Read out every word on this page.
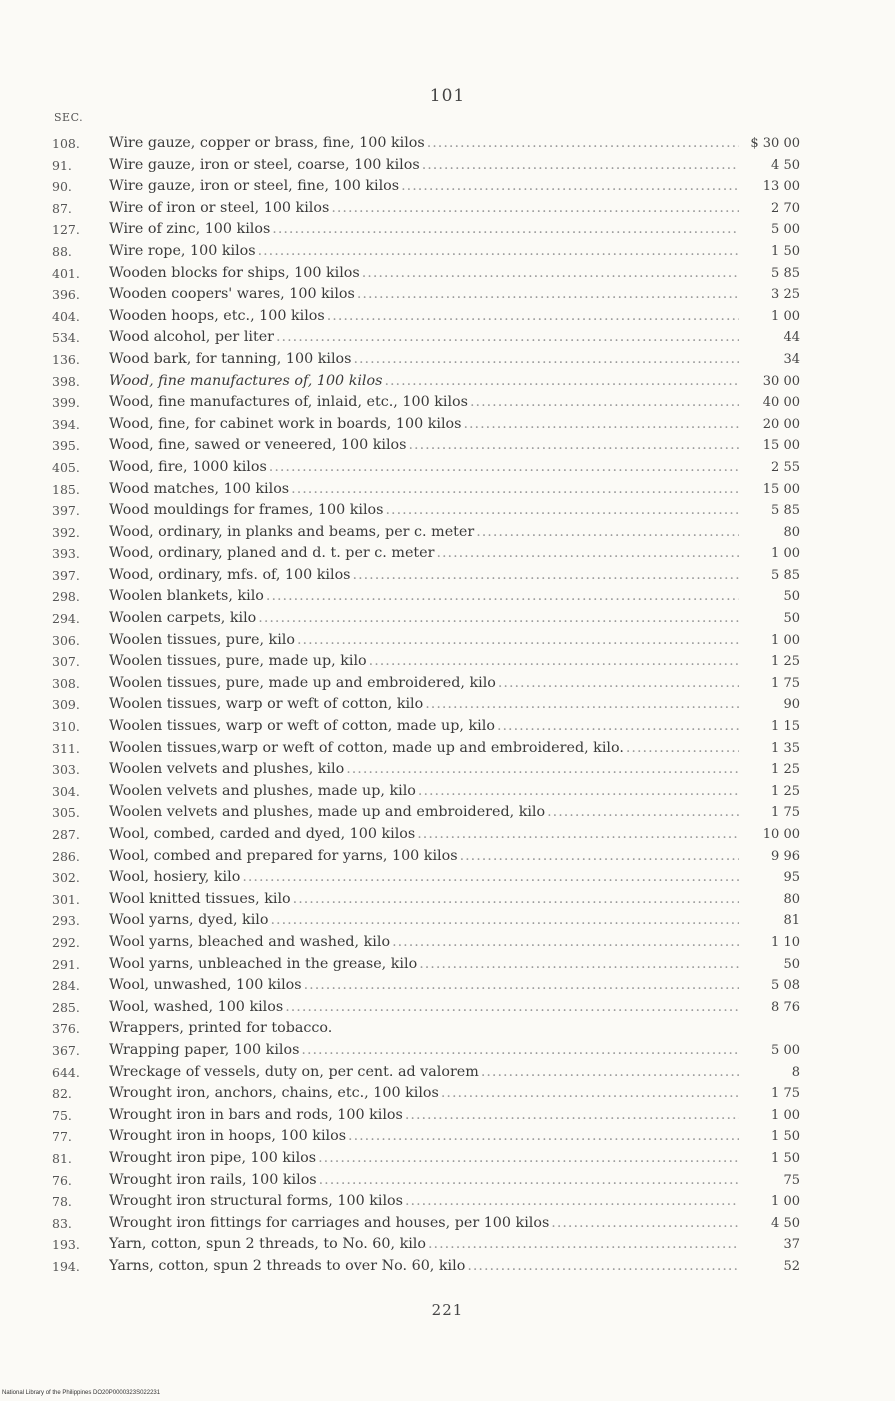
101
SEC.
108.	Wire gauze, copper or brass, fine, 100 kilos .....	$ 30 00
91.	Wire gauze, iron or steel, coarse, 100 kilos .....	4 50
90.	Wire gauze, iron or steel, fine, 100 kilos .....	13 00
87.	Wire of iron or steel, 100 kilos .....	2 70
127.	Wire of zinc, 100 kilos .....	5 00
88.	Wire rope, 100 kilos .....	1 50
401.	Wooden blocks for ships, 100 kilos .....	5 85
396.	Wooden coopers' wares, 100 kilos .....	3 25
404.	Wooden hoops, etc., 100 kilos .....	1 00
534.	Wood alcohol, per liter .....	44
136.	Wood bark, for tanning, 100 kilos .....	34
398.	Wood, fine manufactures of, 100 kilos .....	30 00
399.	Wood, fine manufactures of, inlaid, etc., 100 kilos .....	40 00
394.	Wood, fine, for cabinet work in boards, 100 kilos .....	20 00
395.	Wood, fine, sawed or veneered, 100 kilos .....	15 00
405.	Wood, fire, 1000 kilos .....	2 55
185.	Wood matches, 100 kilos .....	15 00
397.	Wood mouldings for frames, 100 kilos .....	5 85
392.	Wood, ordinary, in planks and beams, per c. meter .....	80
393.	Wood, ordinary, planed and d. t. per c. meter .....	1 00
397.	Wood, ordinary, mfs. of, 100 kilos .....	5 85
298.	Woolen blankets, kilo .....	50
294.	Woolen carpets, kilo .....	50
306.	Woolen tissues, pure, kilo .....	1 00
307.	Woolen tissues, pure, made up, kilo .....	1 25
308.	Woolen tissues, pure, made up and embroidered, kilo .....	1 75
309.	Woolen tissues, warp or weft of cotton, kilo .....	90
310.	Woolen tissues, warp or weft of cotton, made up, kilo .....	1 15
311.	Woolen tissues,warp or weft of cotton, made up and embroidered, kilo. .....	1 35
303.	Woolen velvets and plushes, kilo .....	1 25
304.	Woolen velvets and plushes, made up, kilo .....	1 25
305.	Woolen velvets and plushes, made up and embroidered, kilo .....	1 75
287.	Wool, combed, carded and dyed, 100 kilos .....	10 00
286.	Wool, combed and prepared for yarns, 100 kilos .....	9 96
302.	Wool, hosiery, kilo .....	95
301.	Wool knitted tissues, kilo .....	80
293.	Wool yarns, dyed, kilo .....	81
292.	Wool yarns, bleached and washed, kilo .....	1 10
291.	Wool yarns, unbleached in the grease, kilo .....	50
284.	Wool, unwashed, 100 kilos .....	5 08
285.	Wool, washed, 100 kilos .....	8 76
376.	Wrappers, printed for tobacco.
367.	Wrapping paper, 100 kilos .....	5 00
644.	Wreckage of vessels, duty on, per cent. ad valorem .....	8
82.	Wrought iron, anchors, chains, etc., 100 kilos .....	1 75
75.	Wrought iron in bars and rods, 100 kilos .....	1 00
77.	Wrought iron in hoops, 100 kilos .....	1 50
81.	Wrought iron pipe, 100 kilos .....	1 50
76.	Wrought iron rails, 100 kilos .....	75
78.	Wrought iron structural forms, 100 kilos .....	1 00
83.	Wrought iron fittings for carriages and houses, per 100 kilos .....	4 50
193.	Yarn, cotton, spun 2 threads, to No. 60, kilo .....	37
194.	Yarns, cotton, spun 2 threads to over No. 60, kilo .....	52
221
National Library of the Philippines DO20P0000323S022231
